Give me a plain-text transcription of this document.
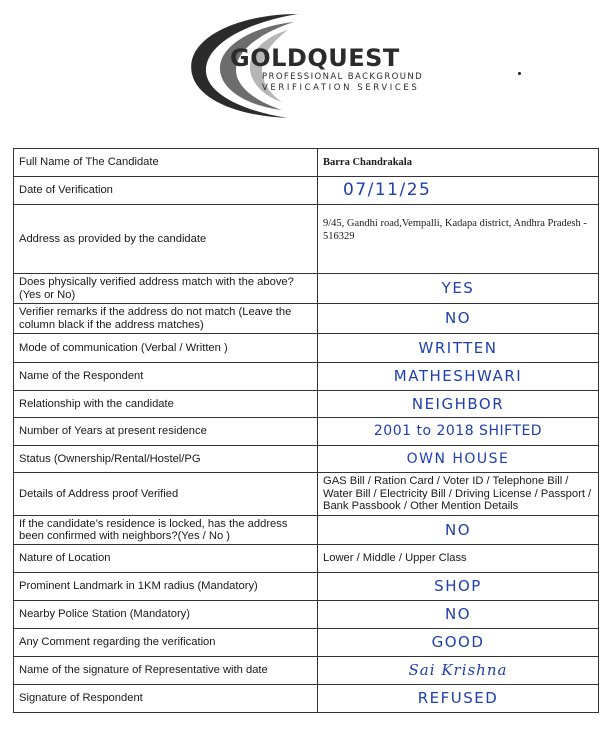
GOLDQUEST
PROFESSIONAL BACKGROUND
VERIFICATION SERVICES
Full Name of The Candidate	Barra Chandrakala
Date of Verification	07/11/25

Address as provided by the candidate	9/45, Gandhi road,Vempalli, Kadapa district, Andhra Pradesh - 516329
Does physically verified address match with the above? (Yes or No)	YES

Verifier remarks if the address do not match (Leave the column black if the address matches)	NO

Mode of communication (Verbal / Written )	WRITTEN

Name of the Respondent	MATHESHWARI

Relationship with the candidate	NEIGHBOR

Number of Years at present residence	2001 to 2018 SHIFTED

Status (Ownership/Rental/Hostel/PG	OWN HOUSE

Details of Address proof Verified	GAS Bill / Ration Card / Voter ID / Telephone Bill / Water Bill / Electricity Bill / Driving License / Passport / Bank Passbook / Other Mention Details
If the candidate’s residence is locked, has the address been confirmed with neighbors?(Yes / No )	NO

Nature of Location	Lower / Middle / Upper Class
Prominent Landmark in 1KM radius (Mandatory)	SHOP

Nearby Police Station (Mandatory)	NO

Any Comment regarding the verification	GOOD

Name of the signature of Representative with date	Sai Krishna

Signature of Respondent	REFUSED
